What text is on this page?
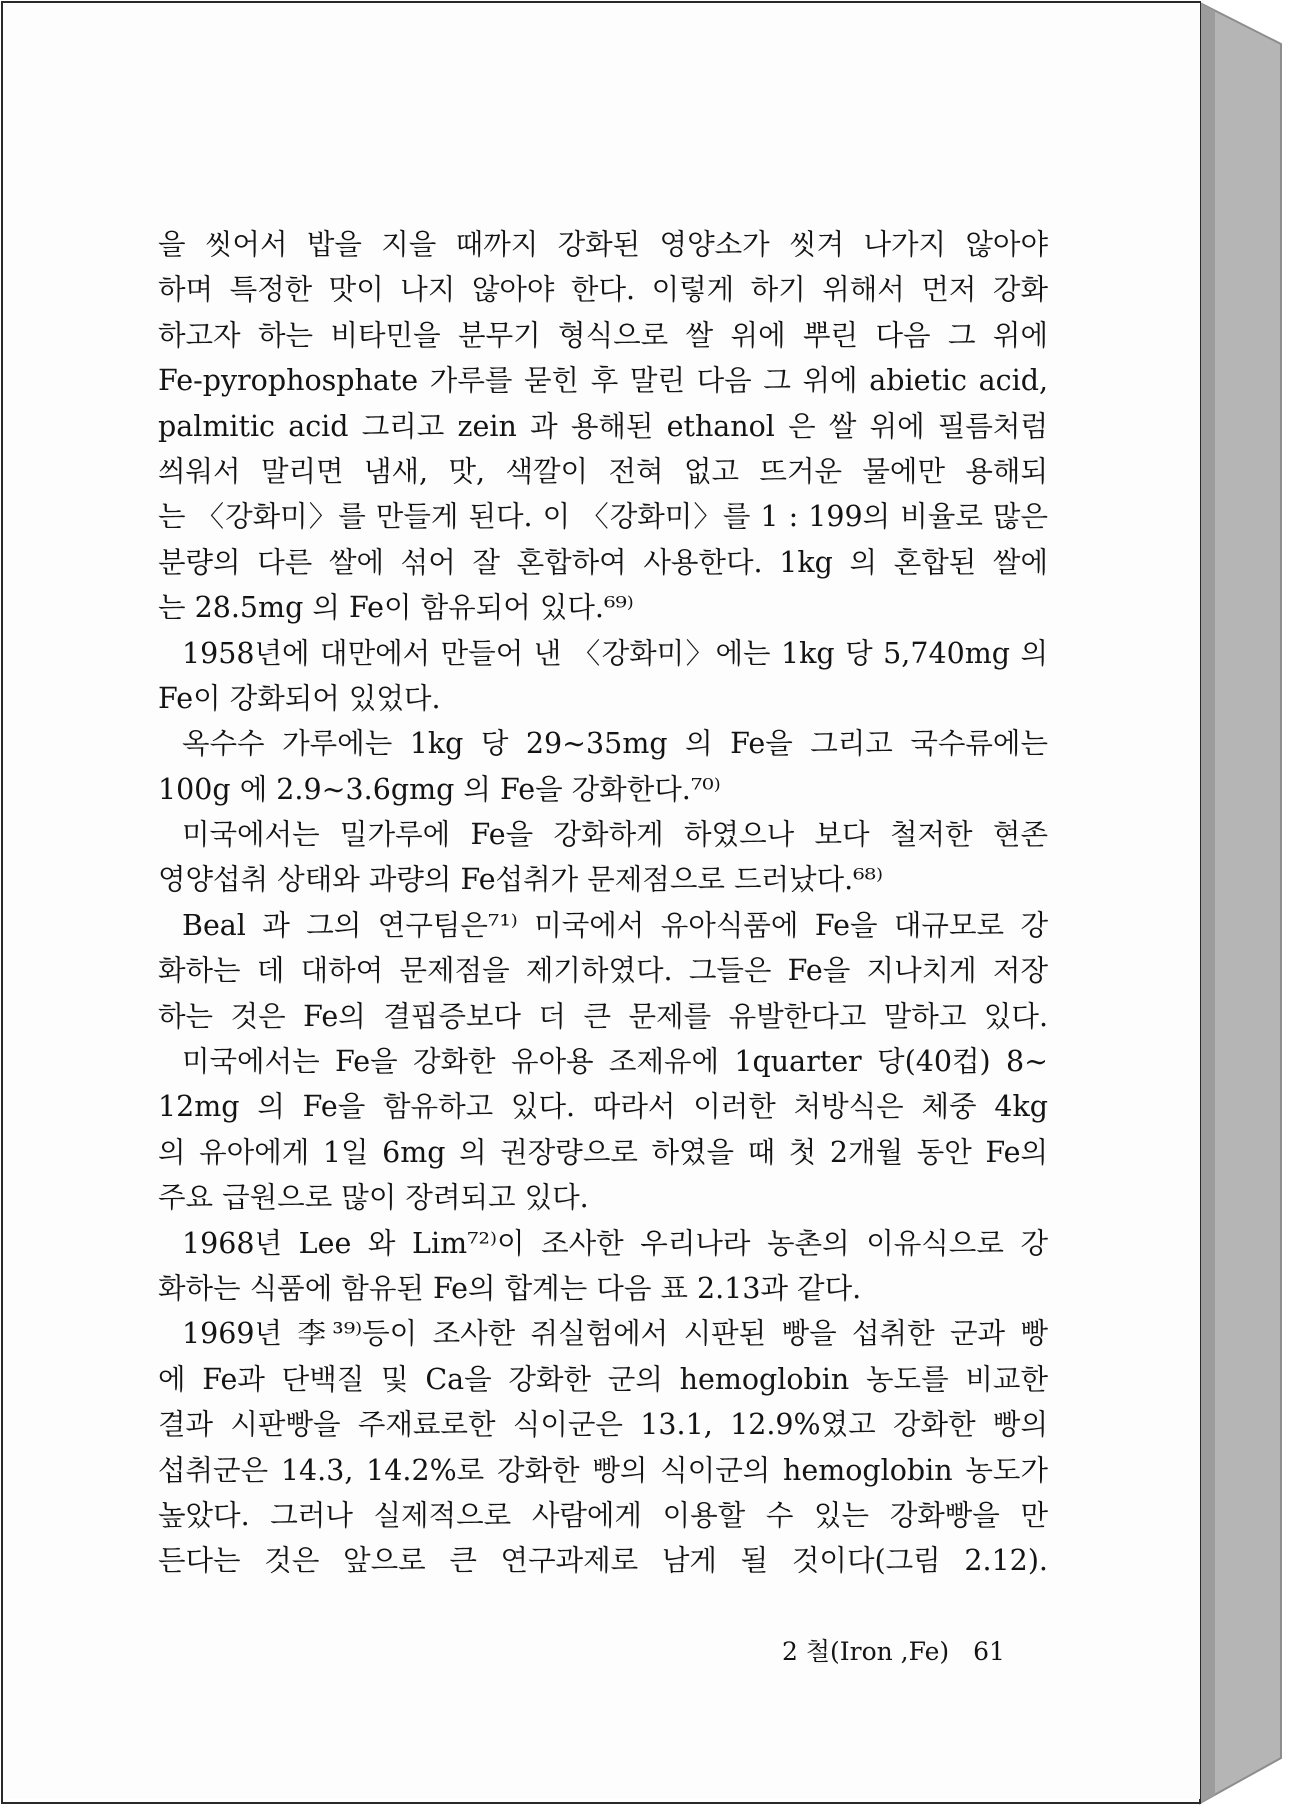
을 씻어서 밥을 지을 때까지 강화된 영양소가 씻겨 나가지 않아야
하며 특정한 맛이 나지 않아야 한다. 이렇게 하기 위해서 먼저 강화
하고자 하는 비타민을 분무기 형식으로 쌀 위에 뿌린 다음 그 위에
Fe-pyrophosphate 가루를 묻힌 후 말린 다음 그 위에 abietic acid,
palmitic acid 그리고 zein 과 용해된 ethanol 은 쌀 위에 필름처럼
씌워서 말리면 냄새, 맛, 색깔이 전혀 없고 뜨거운 물에만 용해되
는 〈강화미〉를 만들게 된다. 이 〈강화미〉를 1 : 199의 비율로 많은
분량의 다른 쌀에 섞어 잘 혼합하여 사용한다. 1kg 의 혼합된 쌀에
는 28.5mg 의 Fe이 함유되어 있다.⁶⁹⁾
1958년에 대만에서 만들어 낸 〈강화미〉에는 1kg 당 5,740mg 의
Fe이 강화되어 있었다.
옥수수 가루에는 1kg 당 29∼35mg 의 Fe을 그리고 국수류에는
100g 에 2.9∼3.6gmg 의 Fe을 강화한다.⁷⁰⁾
미국에서는 밀가루에 Fe을 강화하게 하였으나 보다 철저한 현존
영양섭취 상태와 과량의 Fe섭취가 문제점으로 드러났다.⁶⁸⁾
Beal 과 그의 연구팀은⁷¹⁾ 미국에서 유아식품에 Fe을 대규모로 강
화하는 데 대하여 문제점을 제기하였다. 그들은 Fe을 지나치게 저장
하는 것은 Fe의 결핍증보다 더 큰 문제를 유발한다고 말하고 있다.
미국에서는 Fe을 강화한 유아용 조제유에 1quarter 당(40컵) 8∼
12mg 의 Fe을 함유하고 있다. 따라서 이러한 처방식은 체중 4kg
의 유아에게 1일 6mg 의 권장량으로 하였을 때 첫 2개월 동안 Fe의
주요 급원으로 많이 장려되고 있다.
1968년 Lee 와 Lim⁷²⁾이 조사한 우리나라 농촌의 이유식으로 강
화하는 식품에 함유된 Fe의 합계는 다음 표 2.13과 같다.
1969년 李³⁹⁾등이 조사한 쥐실험에서 시판된 빵을 섭취한 군과 빵
에 Fe과 단백질 및 Ca을 강화한 군의 hemoglobin 농도를 비교한
결과 시판빵을 주재료로한 식이군은 13.1, 12.9%였고 강화한 빵의
섭취군은 14.3, 14.2%로 강화한 빵의 식이군의 hemoglobin 농도가
높았다. 그러나 실제적으로 사람에게 이용할 수 있는 강화빵을 만
든다는 것은 앞으로 큰 연구과제로 남게 될 것이다(그림 2.12).
2 철(Iron ,Fe) 61
